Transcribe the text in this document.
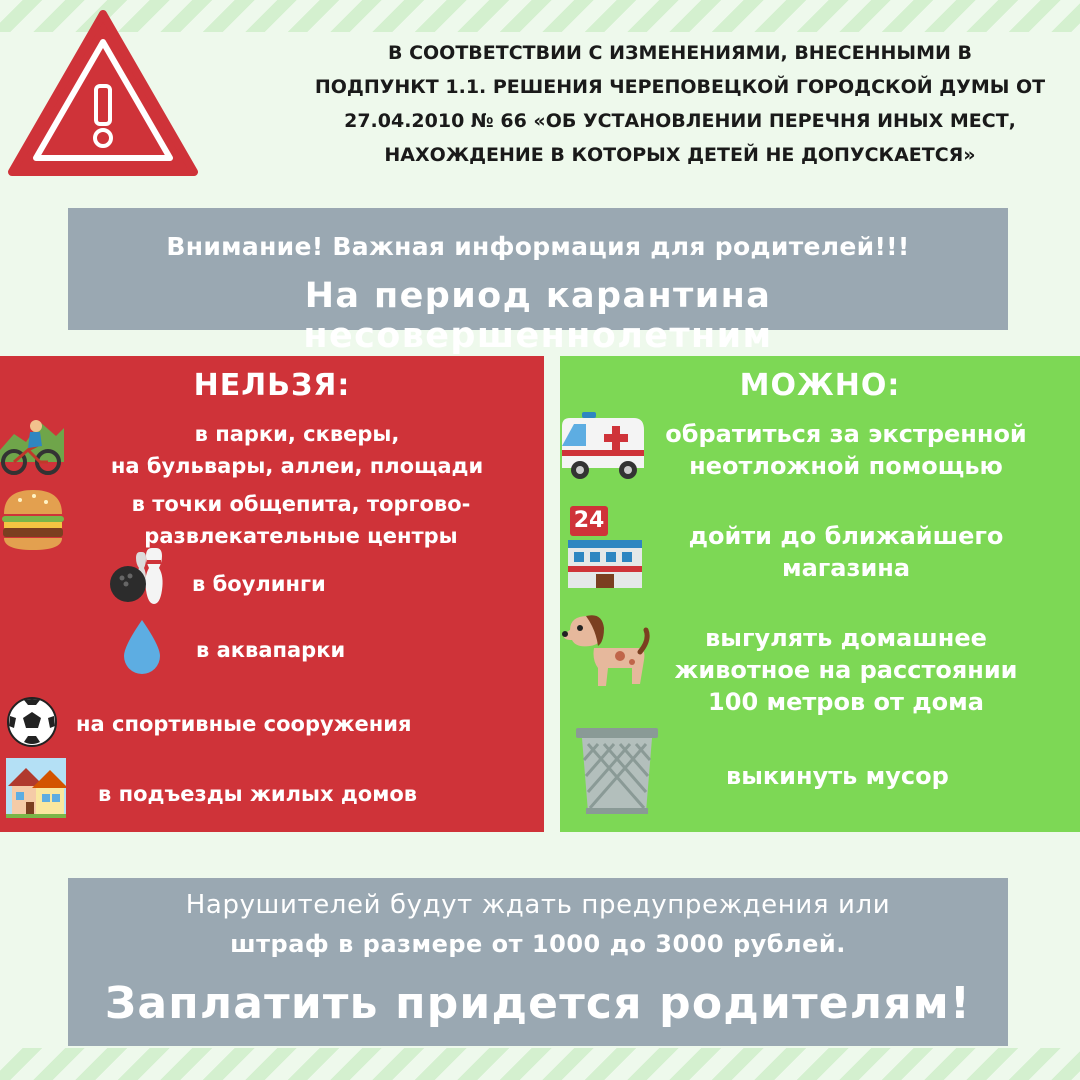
В СООТВЕТСТВИИ С ИЗМЕНЕНИЯМИ, ВНЕСЕННЫМИ В
ПОДПУНКТ 1.1. РЕШЕНИЯ ЧЕРЕПОВЕЦКОЙ ГОРОДСКОЙ ДУМЫ ОТ
27.04.2010 № 66 «ОБ УСТАНОВЛЕНИИ ПЕРЕЧНЯ ИНЫХ МЕСТ,
НАХОЖДЕНИЕ В КОТОРЫХ ДЕТЕЙ НЕ ДОПУСКАЕТСЯ»
Внимание! Важная информация для родителей!!!
На период карантина несовершеннолетним
НЕЛЬЗЯ:
в парки, скверы,
на бульвары, аллеи, площади
в точки общепита, торгово-
развлекательные центры
в боулинги
в аквапарки
на спортивные сооружения
в подъезды жилых домов
МОЖНО:
обратиться за экстренной
неотложной помощью
24
дойти до ближайшего
магазина
выгулять домашнее
животное на расстоянии
100 метров от дома
выкинуть мусор
Нарушителей будут ждать предупреждения или
штраф в размере от 1000 до 3000 рублей.
Заплатить придется родителям!
